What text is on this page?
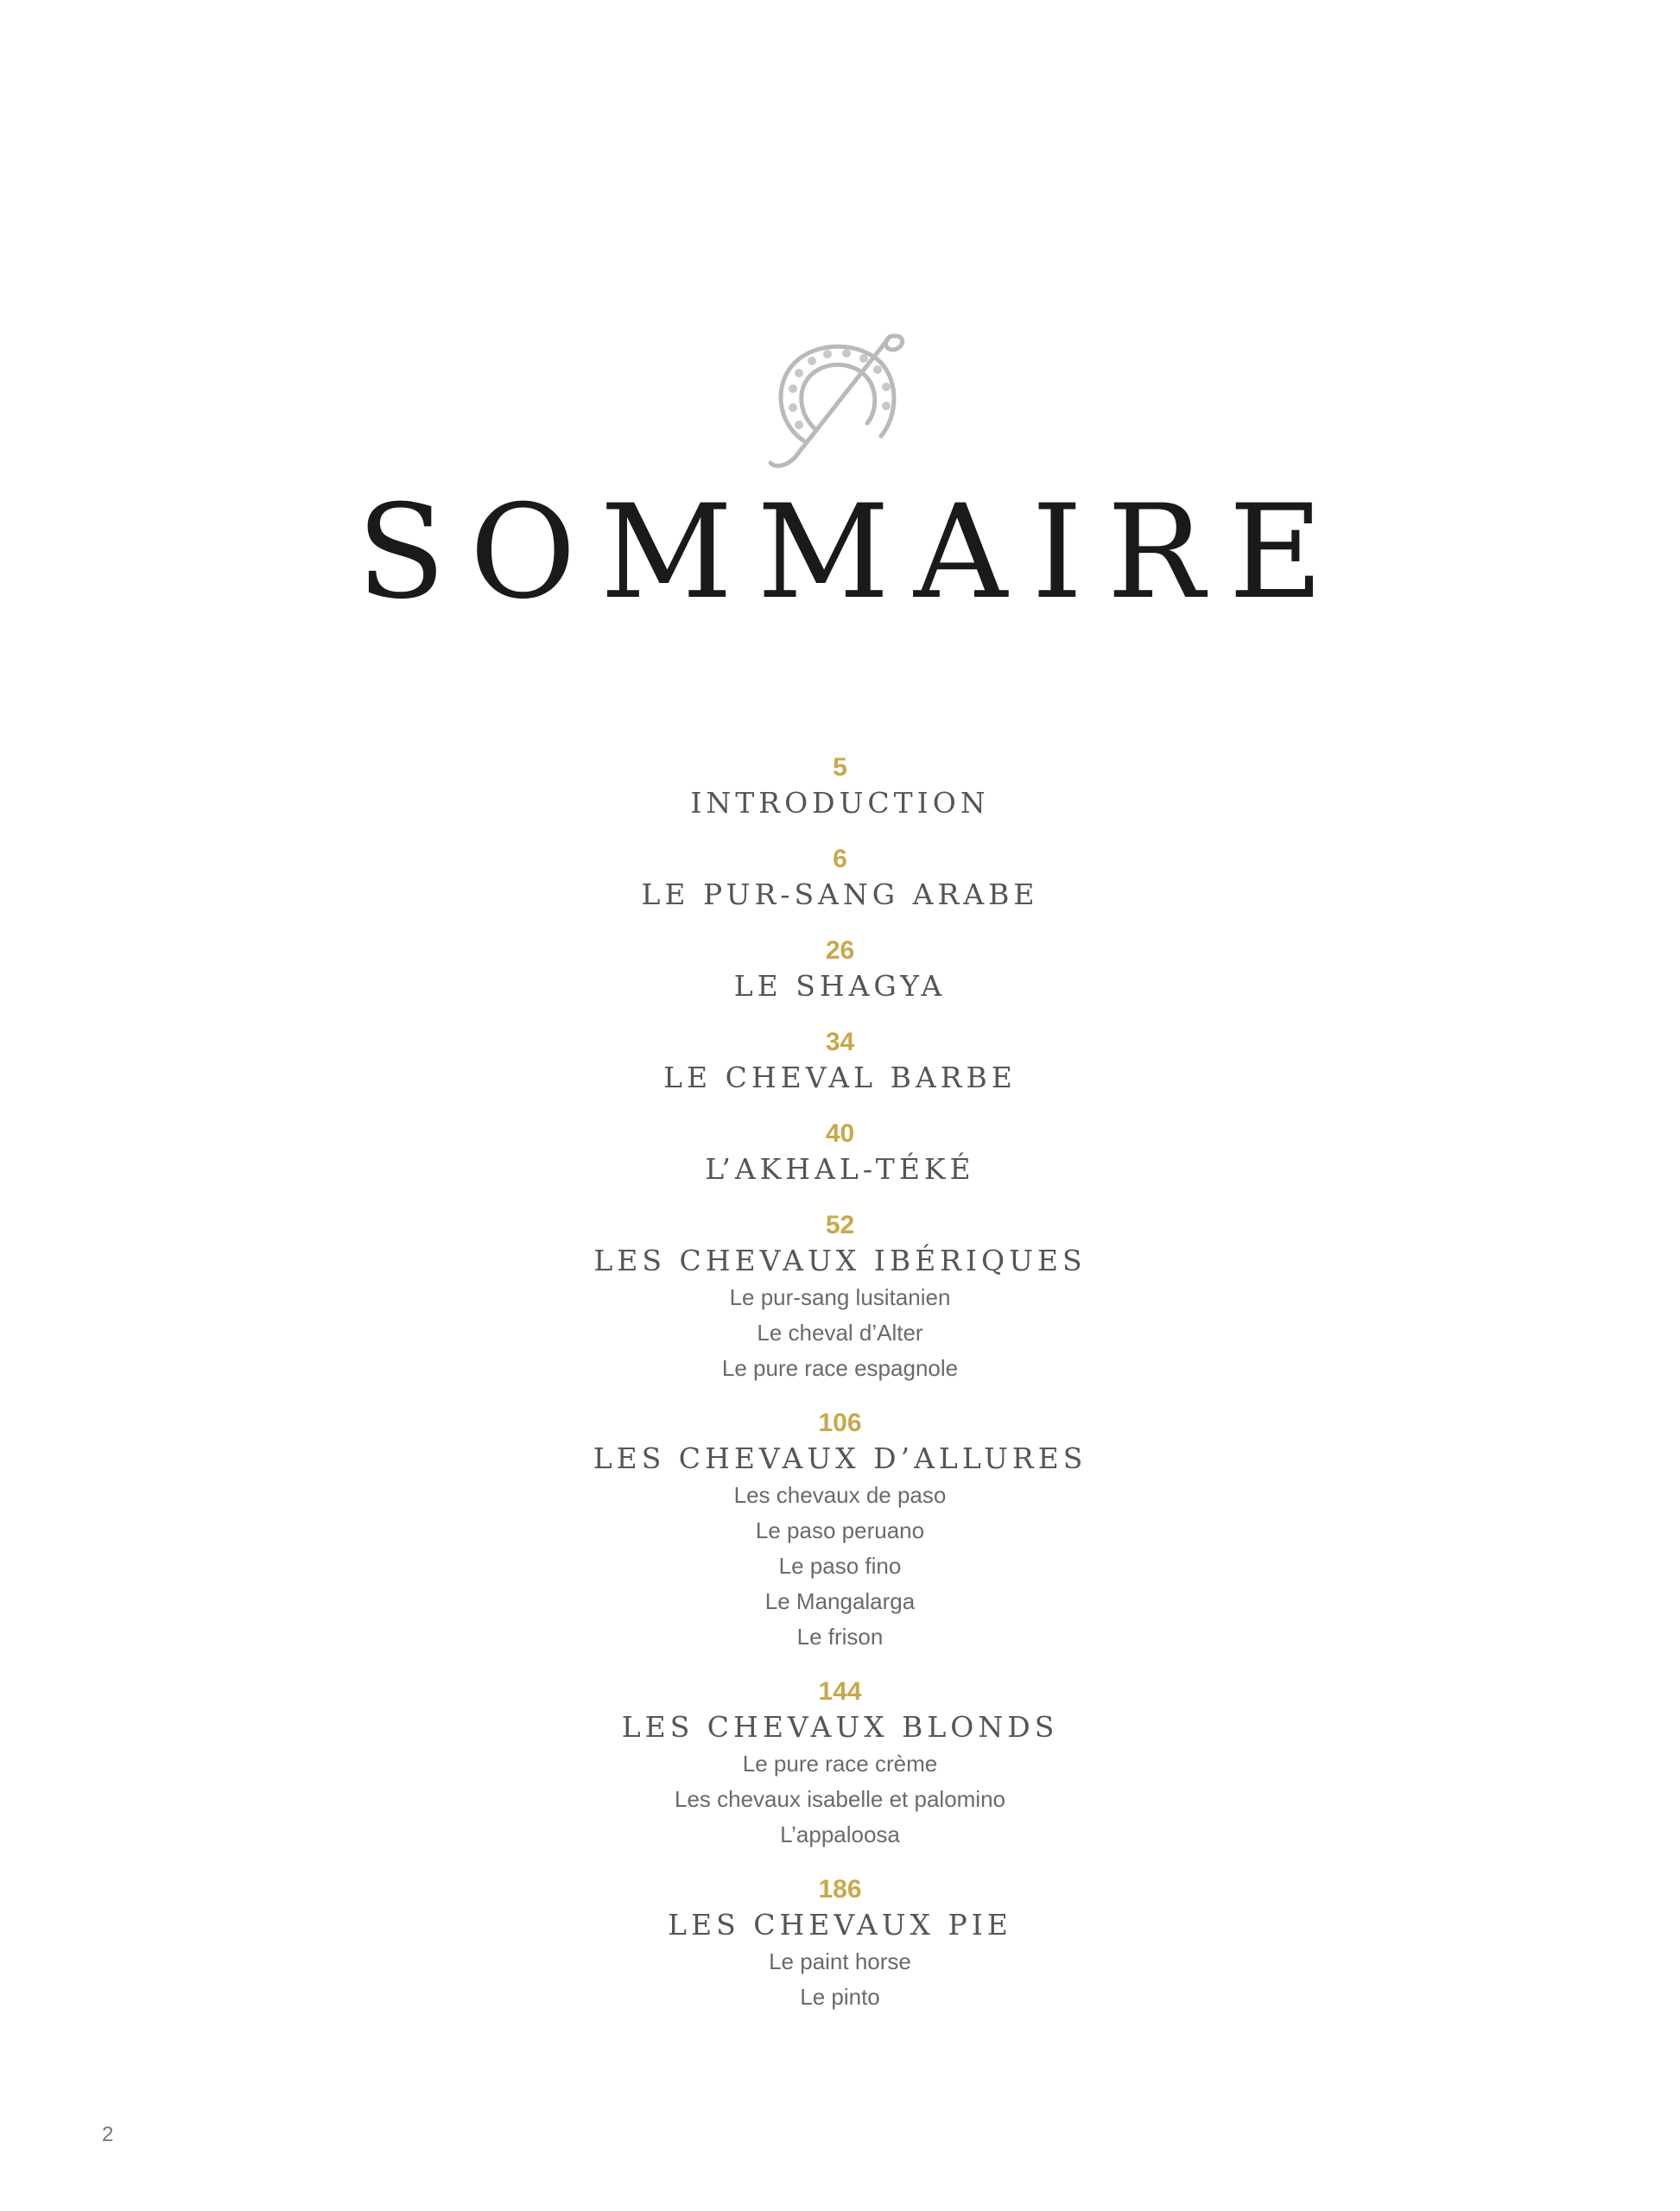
SOMMAIRE
5
INTRODUCTION
6
LE PUR-SANG ARABE
26
LE SHAGYA
34
LE CHEVAL BARBE
40
L’AKHAL-TÉKÉ
52
LES CHEVAUX IBÉRIQUES
Le pur-sang lusitanien
Le cheval d’Alter
Le pure race espagnole
106
LES CHEVAUX D’ALLURES
Les chevaux de paso
Le paso peruano
Le paso fino
Le Mangalarga
Le frison
144
LES CHEVAUX BLONDS
Le pure race crème
Les chevaux isabelle et palomino
L’appaloosa
186
LES CHEVAUX PIE
Le paint horse
Le pinto
2
